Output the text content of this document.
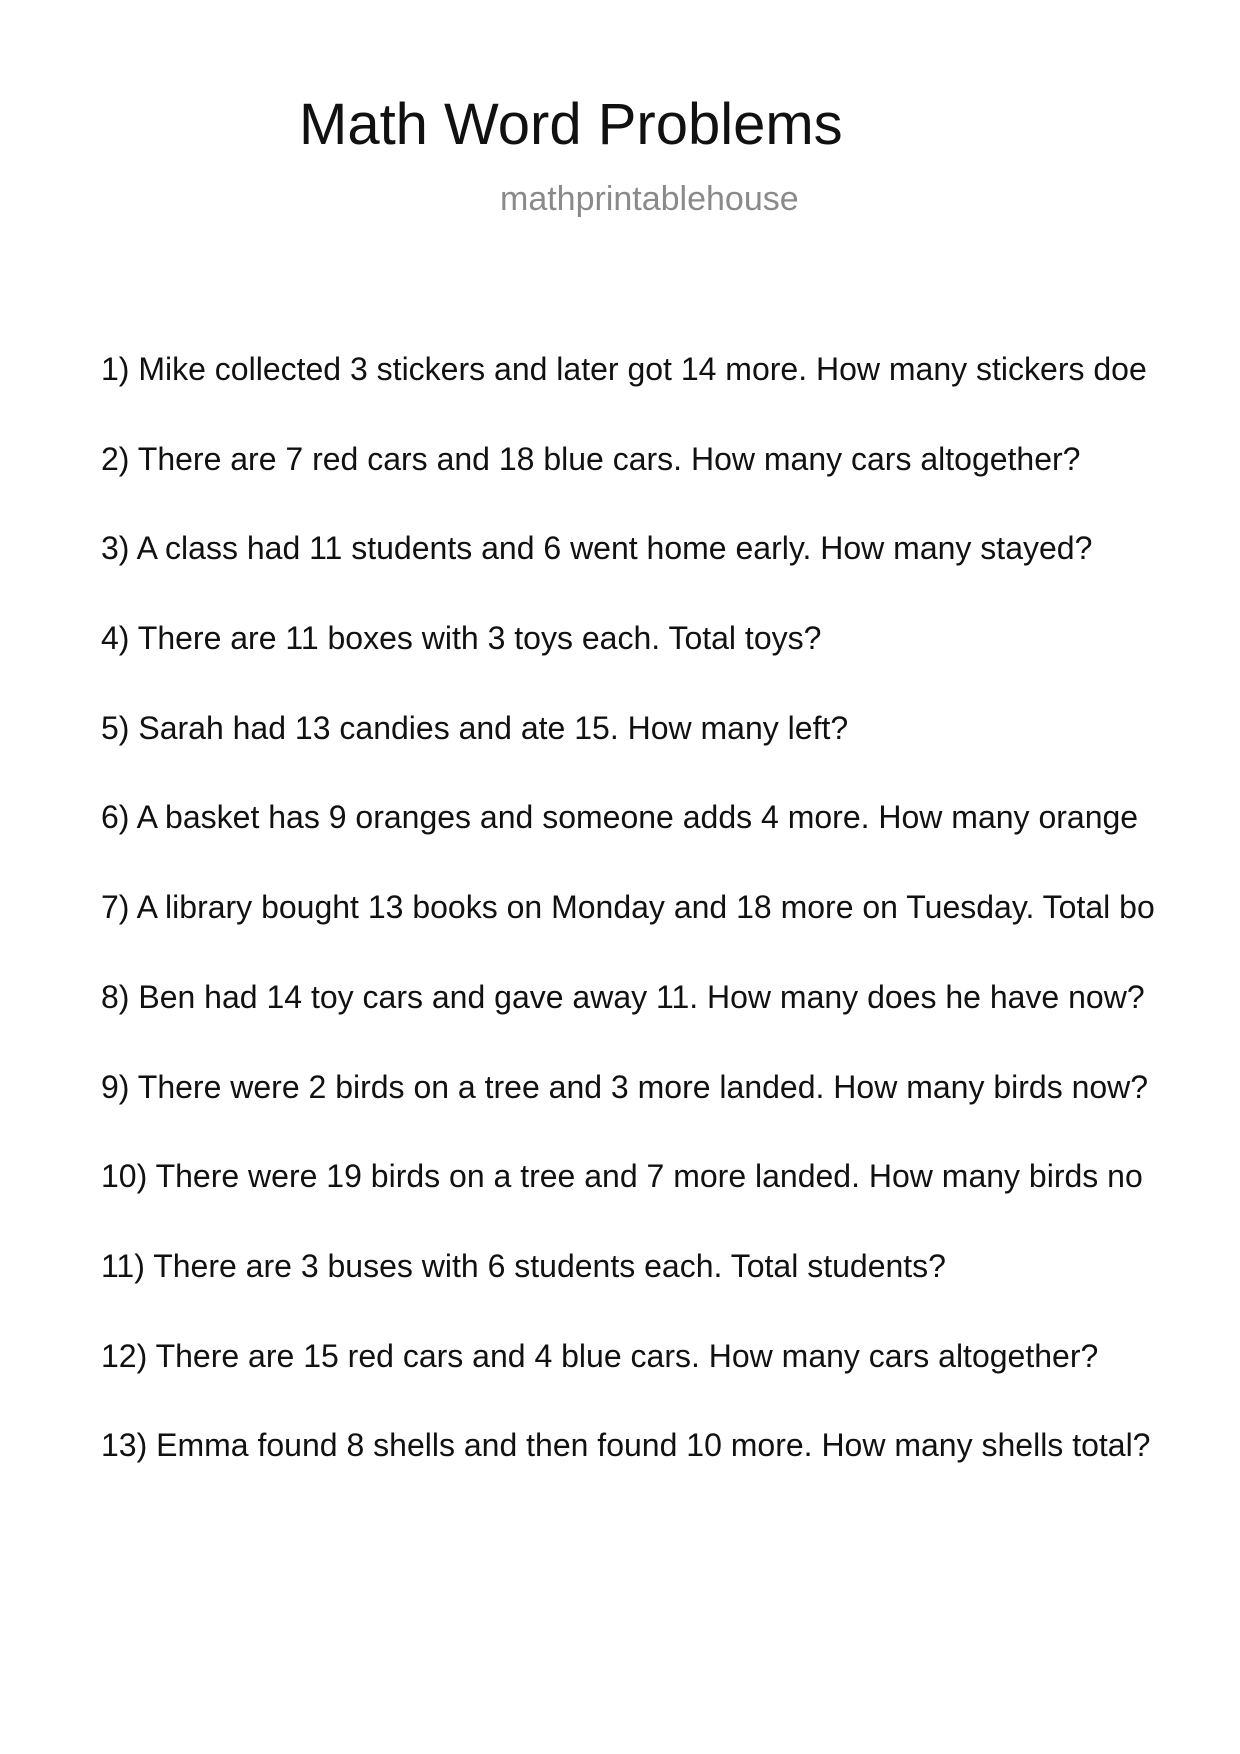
Math Word Problems

mathprintablehouse

1) Mike collected 3 stickers and later got 14 more. How many stickers doe
2) There are 7 red cars and 18 blue cars. How many cars altogether?
3) A class had 11 students and 6 went home early. How many stayed?
4) There are 11 boxes with 3 toys each. Total toys?
5) Sarah had 13 candies and ate 15. How many left?
6) A basket has 9 oranges and someone adds 4 more. How many orange
7) A library bought 13 books on Monday and 18 more on Tuesday. Total bo
8) Ben had 14 toy cars and gave away 11. How many does he have now?
9) There were 2 birds on a tree and 3 more landed. How many birds now?
10) There were 19 birds on a tree and 7 more landed. How many birds no
11) There are 3 buses with 6 students each. Total students?
12) There are 15 red cars and 4 blue cars. How many cars altogether?
13) Emma found 8 shells and then found 10 more. How many shells total?
